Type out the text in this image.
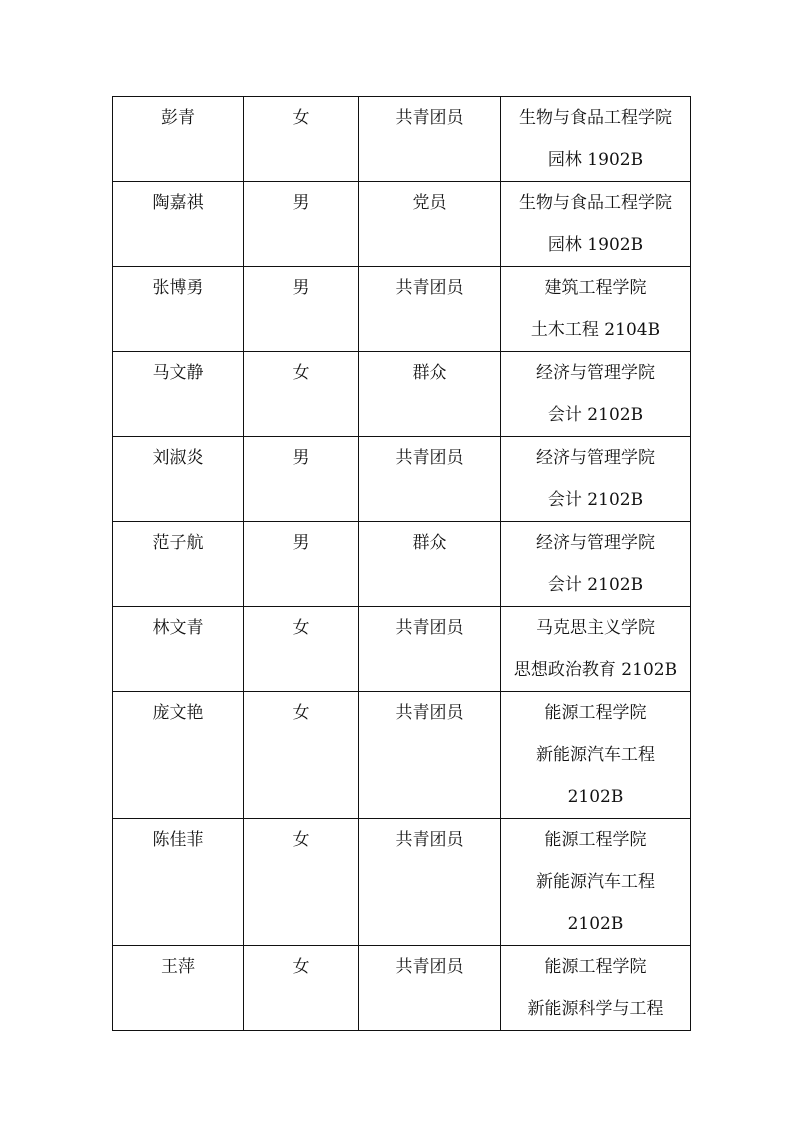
彭青	女	共青团员	生物与食品工程学院
园林 1902B

陶嘉祺	男	党员	生物与食品工程学院
园林 1902B

张博勇	男	共青团员	建筑工程学院
土木工程 2104B

马文静	女	群众	经济与管理学院
会计 2102B

刘淑炎	男	共青团员	经济与管理学院
会计 2102B

范子航	男	群众	经济与管理学院
会计 2102B

林文青	女	共青团员	马克思主义学院
思想政治教育 2102B

庞文艳	女	共青团员	能源工程学院
新能源汽车工程
2102B

陈佳菲	女	共青团员	能源工程学院
新能源汽车工程
2102B

王萍	女	共青团员	能源工程学院
新能源科学与工程
